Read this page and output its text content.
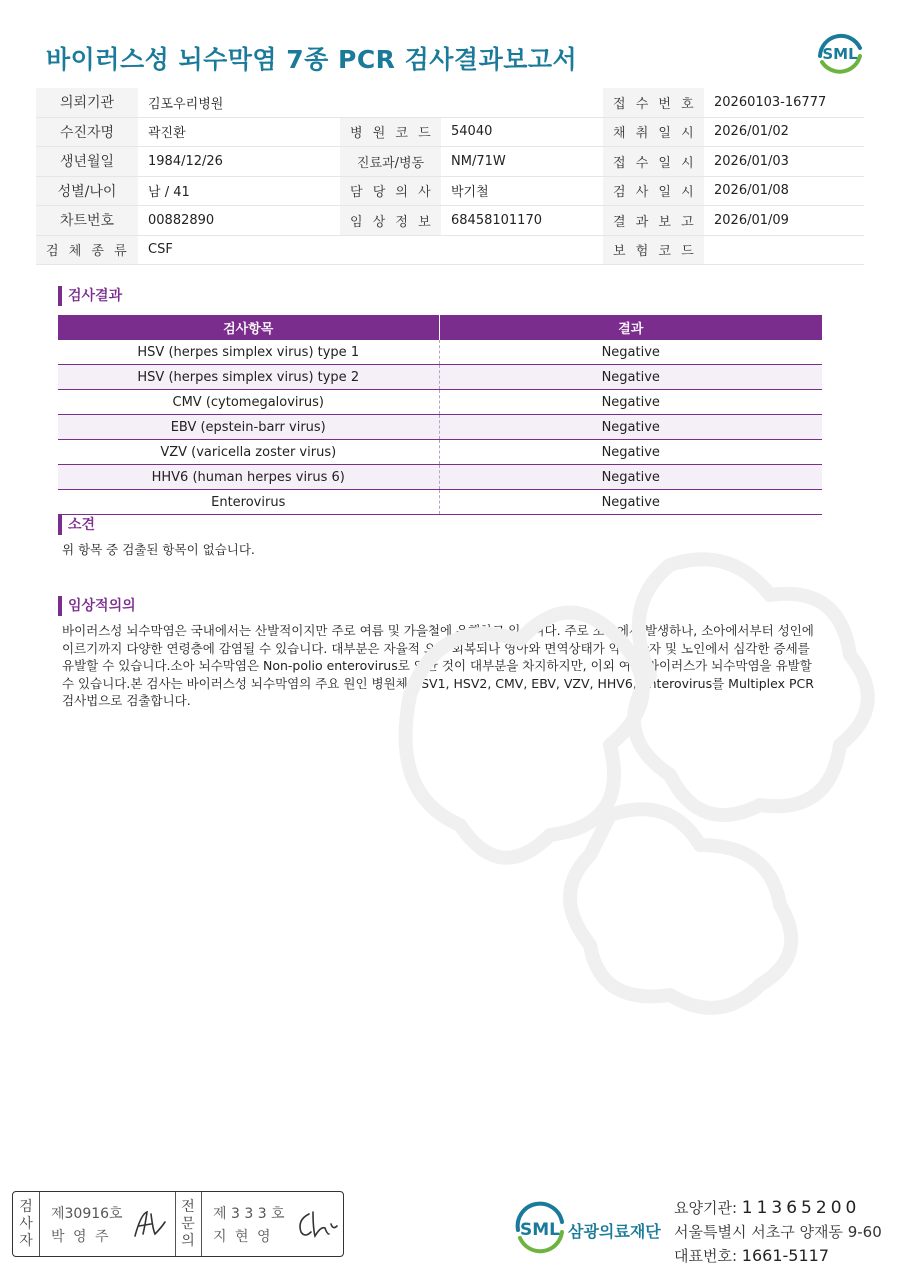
바이러스성 뇌수막염 7종 PCR 검사결과보고서	SML
의뢰기관	김포우리병원			접 수 번 호	20260103-16777
수진자명	곽진환	병 원 코 드	54040	채 취 일 시	2026/01/02
생년월일	1984/12/26	진료과/병동	NM/71W	접 수 일 시	2026/01/03
성별/나이	남 / 41	담 당 의 사	박기철	검 사 일 시	2026/01/08
차트번호	00882890	임 상 정 보	68458101170	결 과 보 고	2026/01/09
검 체 종 류	CSF			보 험 코 드	
검사결과
검사항목	결과
HSV (herpes simplex virus) type 1	Negative
HSV (herpes simplex virus) type 2	Negative
CMV (cytomegalovirus)	Negative
EBV (epstein-barr virus)	Negative
VZV (varicella zoster virus)	Negative
HHV6 (human herpes virus 6)	Negative
Enterovirus	Negative
소견
위 항목 중 검출된 항목이 없습니다.
임상적의의
바이러스성 뇌수막염은 국내에서는 산발적이지만 주로 여름 및 가을철에 유행하고 있습니다. 주로 소아에서 발생하나, 소아에서부터 성인에
이르기까지 다양한 연령층에 감염될 수 있습니다. 대부분은 자율적 으로 회복되나 영아와 면역상태가 약한 환자 및 노인에서 심각한 증세를
유발할 수 있습니다.소아 뇌수막염은 Non-polio enterovirus로 인한 것이 대부분을 차지하지만, 이외 여러 바이러스가 뇌수막염을 유발할
수 있습니다.본 검사는 바이러스성 뇌수막염의 주요 원인 병원체 HSV1, HSV2, CMV, EBV, VZV, HHV6, Enterovirus를 Multiplex PCR
검사법으로 검출합니다.
검
사
자
제30916호
박 영 주
전
문
의
제 3 3 3 호
지 현 영	SML 삼광의료재단
요양기관: 11365200
서울특별시 서초구 양재동 9-60
대표번호: 1661-5117
